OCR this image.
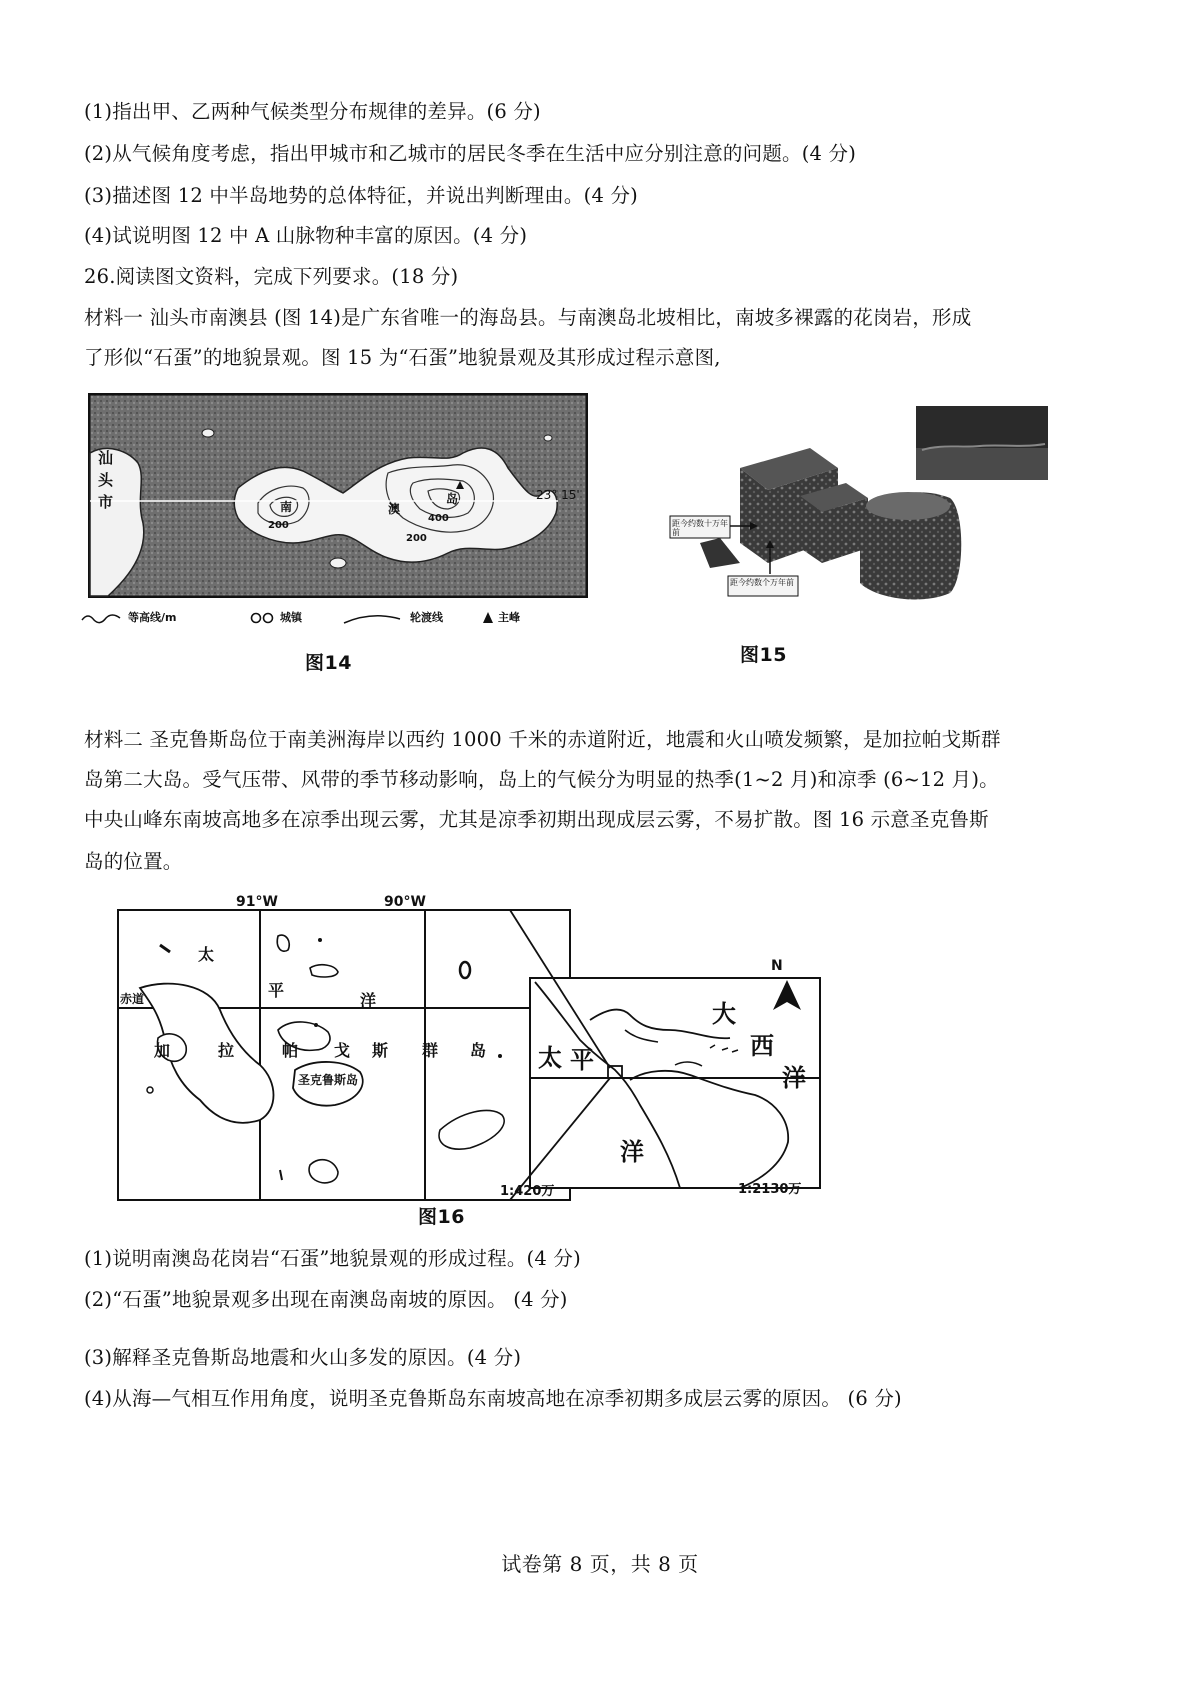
(1)指出甲、乙两种气候类型分布规律的差异。(6 分)
(2)从气候角度考虑，指出甲城市和乙城市的居民冬季在生活中应分别注意的问题。(4 分)
(3)描述图 12 中半岛地势的总体特征，并说出判断理由。(4 分)
(4)试说明图 12 中 A 山脉物种丰富的原因。(4 分)
26.阅读图文资料，完成下列要求。(18 分)
材料一 汕头市南澳县 (图 14)是广东省唯一的海岛县。与南澳岛北坡相比，南坡多裸露的花岗岩，形成
了形似“石蛋”的地貌景观。图 15 为“石蛋”地貌景观及其形成过程示意图,
汕
头
市	南	澳
岛
200
200
400
23° 15'
等高线/m	城镇	轮渡线	主峰
图14
距今约数十万年前
距今约数个万年前
图15
材料二 圣克鲁斯岛位于南美洲海岸以西约 1000 千米的赤道附近，地震和火山喷发频繁，是加拉帕戈斯群
岛第二大岛。受气压带、风带的季节移动影响，岛上的气候分为明显的热季(1~2 月)和凉季 (6~12 月)。
中央山峰东南坡高地多在凉季出现云雾，尤其是凉季初期出现成层云雾，不易扩散。图 16 示意圣克鲁斯
岛的位置。
91°W	90°W
赤道
太
平
洋
加	拉	帕 戈 斯 群 岛
圣克鲁斯岛
1:420万
N
大
西
洋
太 平
洋
1:2130万
图16
(1)说明南澳岛花岗岩“石蛋”地貌景观的形成过程。(4 分)
(2)“石蛋”地貌景观多出现在南澳岛南坡的原因。 (4 分)
(3)解释圣克鲁斯岛地震和火山多发的原因。(4 分)
(4)从海—气相互作用角度，说明圣克鲁斯岛东南坡高地在凉季初期多成层云雾的原因。 (6 分)
试卷第 8 页，共 8 页
